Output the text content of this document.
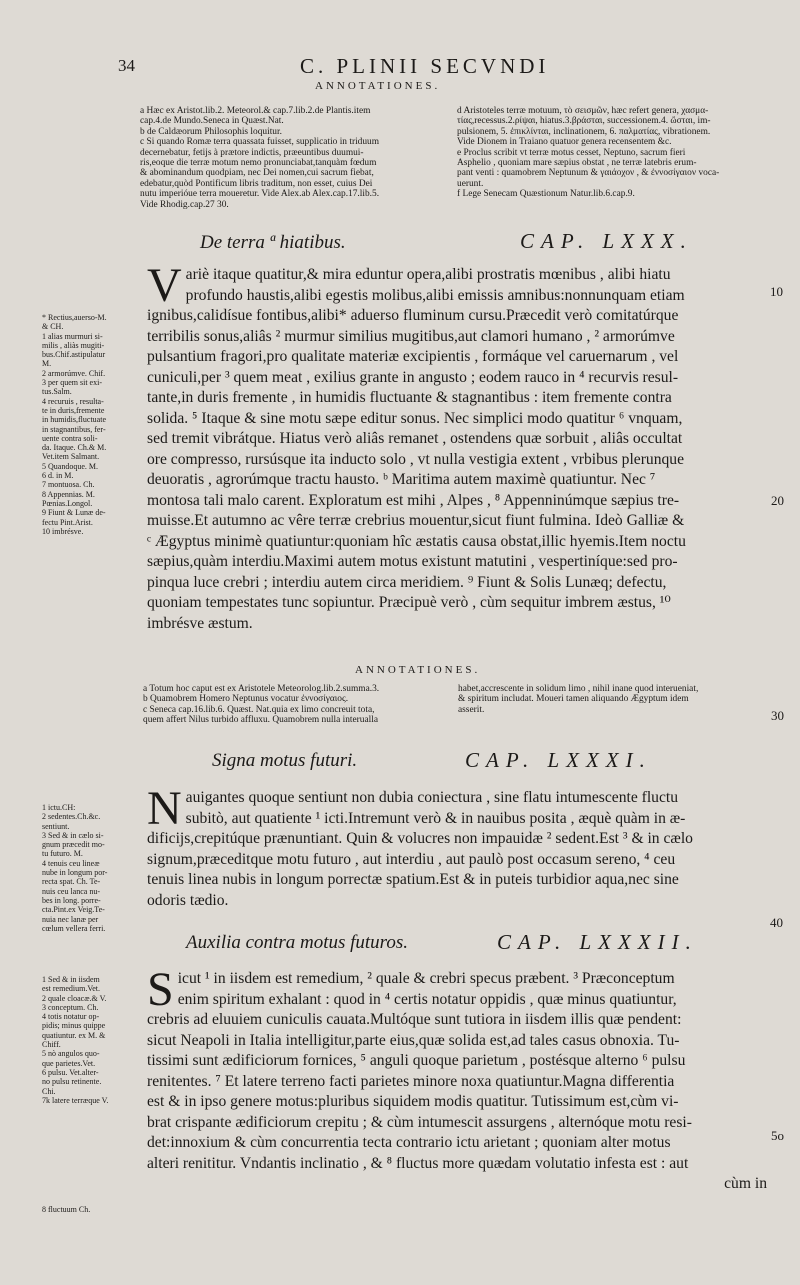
34	C. PLINII SECVNDI
ANNOTATIONES.
a Hæc ex Aristot.lib.2. Meteorol.& cap.7.lib.2.de Plantis.item
cap.4.de Mundo.Seneca in Quæst.Nat.
b de Caldæorum Philosophis loquitur.
c Si quando Romæ terra quassata fuisset, supplicatio in triduum
decernebatur, fetijs à prætore indictis, præeuntibus duumui-
ris,eoque die terræ motum nemo pronunciabat,tanquàm fœdum
& abominandum quodpiam, nec Dei nomen,cui sacrum fiebat,
edebatur,quòd Pontificum libris traditum, non esset, cuius Dei
nutu imperióue terra moueretur. Vide Alex.ab Alex.cap.17.lib.5.
Vide Rhodig.cap.27 30.
d Aristoteles terræ motuum, τὸ σεισμῶν, hæc refert genera, χασμα-
τίας,recessus.2.ρίψαι, hiatus.3.βράσται, successionem.4. ὤσται, im-
pulsionem, 5. ἐπικλίνται, inclinationem, 6. παλματίας, vibrationem.
Vide Dionem in Traiano quatuor genera recensentem &c.
e Proclus scribit vt terræ motus cesset, Neptuno, sacrum fieri
Asphelio , quoniam mare sæpius obstat , ne terræ latebris erum-
pant venti : quamobrem Neptunum & γαιάοχον , & ἐννοσίγαιον voca-
uerunt.
f Lege Senecam Quæstionum Natur.lib.6.cap.9.
De terra ª hiatibus.	CAP. LXXX.
V ariè itaque quatitur,& mira eduntur opera,alibi prostratis mœnibus , alibi hiatu
profundo haustis,alibi egestis molibus,alibi emissis amnibus:nonnunquam etiam
ignibus,calidísue fontibus,alibi* aduerso fluminum cursu.Præcedit verò comitatúrque
terribilis sonus,aliâs ² murmur similius mugitibus,aut clamori humano , ² armorúmve
pulsantium fragori,pro qualitate materiæ excipientis , formáque vel caruernarum , vel
cuniculi,per ³ quem meat , exilius grante in angusto ; eodem rauco in ⁴ recurvis resul-
tante,in duris fremente , in humidis fluctuante & stagnantibus : item fremente contra
solida. ⁵ Itaque & sine motu sæpe editur sonus. Nec simplici modo quatitur ⁶ vnquam,
sed tremit vibrátque. Hiatus verò aliâs remanet , ostendens quæ sorbuit , aliâs occultat
ore compresso, rursúsque ita inducto solo , vt nulla vestigia extent , vrbibus plerunque
deuoratis , agrorúmque tractu hausto. ᵇ Maritima autem maximè quatiuntur. Nec ⁷
montosa tali malo carent. Exploratum est mihi , Alpes , ⁸ Appenninúmque sæpius tre-
muisse.Et autumno ac vêre terræ crebrius mouentur,sicut fiunt fulmina. Ideò Galliæ &
ᶜ Ægyptus minimè quatiuntur:quoniam hîc æstatis causa obstat,illic hyemis.Item noctu
sæpius,quàm interdiu.Maximi autem motus existunt matutini , vespertiníque:sed pro-
pinqua luce crebri ; interdiu autem circa meridiem. ⁹ Fiunt & Solis Lunæq; defectu,
quoniam tempestates tunc sopiuntur. Præcipuè verò , cùm sequitur imbrem æstus, ¹⁰
imbrésve æstum.
* Rectius,auerso-M.
& CH.
1 alias murmuri si-
milis , aliàs mugiti-
bus.Chif.astipulatur
M.
2 armorúmve. Chif.
3 per quem sit exi-
tus.Salm.
4 recuruis , resulta-
te in duris,fremente
in humidis,fluctuate
in stagnantibus, fer-
uente contra soli-
da. Itaque. Ch.& M.
Vet.item Salmant.
5 Quandoque. M.
6 d. in M.
7 montuosa. Ch.
8 Appennias. M.
Pœnias.Longol.
9 Fiunt & Lunæ de-
fectu Pint.Arist.
10 imbrésve.
ANNOTATIONES.
a Totum hoc caput est ex Aristotele Meteorolog.lib.2.summa.3.
b Quamobrem Homero Neptunus vocatur ἐννοσίγαιος.
c Seneca cap.16.lib.6. Quæst. Nat.quia ex limo concreuit tota,
quem affert Nilus turbido affluxu. Quamobrem nulla interualla
habet,accrescente in solidum limo , nihil inane quod interueniat,
& spiritum includat. Moueri tamen aliquando Ægyptum idem
asserit.
Signa motus futuri.	CAP. LXXXI.
N auigantes quoque sentiunt non dubia coniectura , sine flatu intumescente fluctu
subitò, aut quatiente ¹ icti.Intremunt verò & in nauibus posita , æquè quàm in æ-
dificijs,crepitúque prænuntiant. Quin & volucres non impauidæ ² sedent.Est ³ & in cælo
signum,præceditque motu futuro , aut interdiu , aut paulò post occasum sereno, ⁴ ceu
tenuis linea nubis in longum porrectæ spatium.Est & in puteis turbidior aqua,nec sine
odoris tædio.
1 ictu.CH:
2 sedentes.Ch.&c.
sentiunt.
3 Sed & in cælo si-
gnum præcedit mo-
tu futuro. M.
4 tenuis ceu lineæ
nube in longum por-
recta spat. Ch. Te-
nuis ceu lanca nu-
bes in long. porre-
cta.Pint.ex Veig.Te-
nuia nec lanæ per
cœlum vellera ferri.
Auxilia contra motus futuros.	CAP. LXXXII.
S icut ¹ in iisdem est remedium, ² quale & crebri specus præbent. ³ Præconceptum
enim spiritum exhalant : quod in ⁴ certis notatur oppidis , quæ minus quatiuntur,
crebris ad eluuiem cuniculis cauata.Multóque sunt tutiora in iisdem illis quæ pendent:
sicut Neapoli in Italia intelligitur,parte eius,quæ solida est,ad tales casus obnoxia. Tu-
tissimi sunt ædificiorum fornices, ⁵ anguli quoque parietum , postésque alterno ⁶ pulsu
renitentes. ⁷ Et latere terreno facti parietes minore noxa quatiuntur.Magna differentia
est & in ipso genere motus:pluribus siquidem modis quatitur. Tutissimum est,cùm vi-
brat crispante ædificiorum crepitu ; & cùm intumescit assurgens , alternóque motu resi-
det:innoxium & cùm concurrentia tecta contrario ictu arietant ; quoniam alter motus
alteri renititur. Vndantis inclinatio , & ⁸ fluctus more quædam volutatio infesta est : aut
cùm in
1 Sed & in iisdem
est remedium.Vet.
2 quale cloacæ.& V.
3 conceptum. Ch.
4 totis notatur op-
pidis; minus quippe
quatiuntur. ex M. &
Chiff.
5 nò angulos quo-
que parietes.Vet.
6 pulsu. Vet.alter-
no pulsu retinente.
Chi.
7k latere terræque V.
8 fluctuum Ch.
10
20
30
40
5o
